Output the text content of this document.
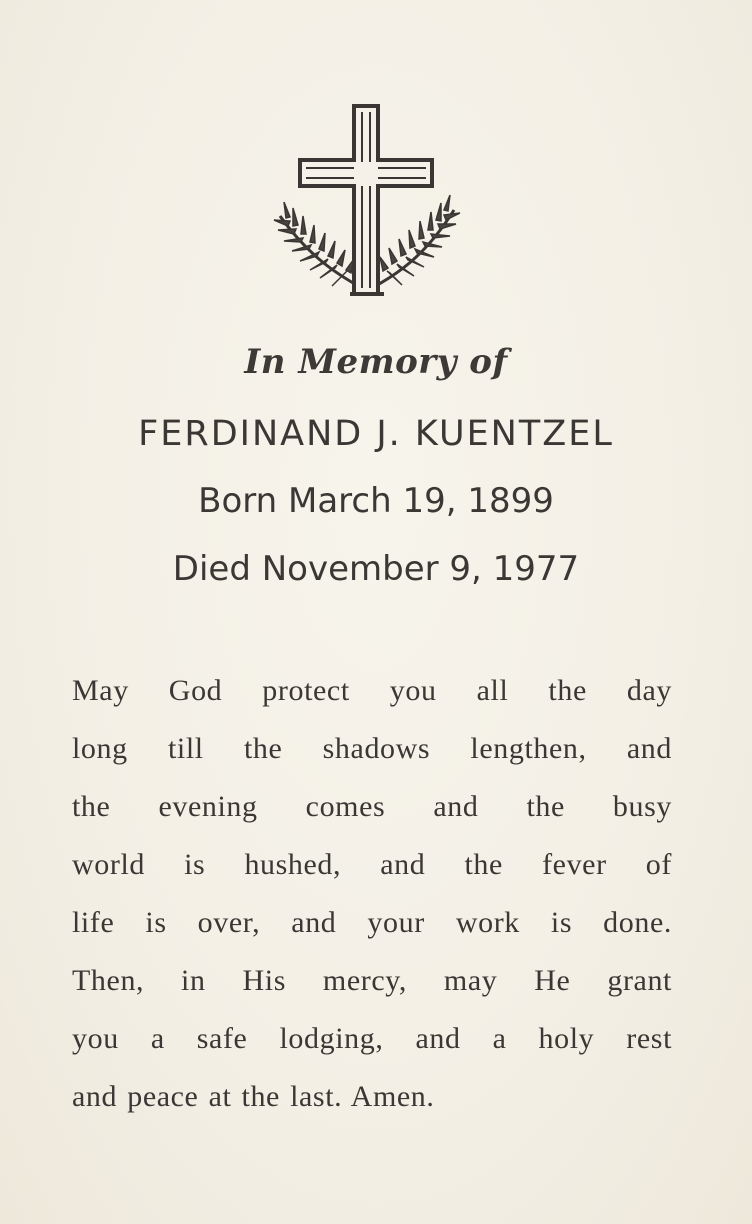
In Memory of
FERDINAND J. KUENTZEL
Born March 19, 1899
Died November 9, 1977
May God protect you all the day
long till the shadows lengthen, and
the evening comes and the busy
world is hushed, and the fever of
life is over, and your work is done.
Then, in His mercy, may He grant
you a safe lodging, and a holy rest
and peace at the last. Amen.
